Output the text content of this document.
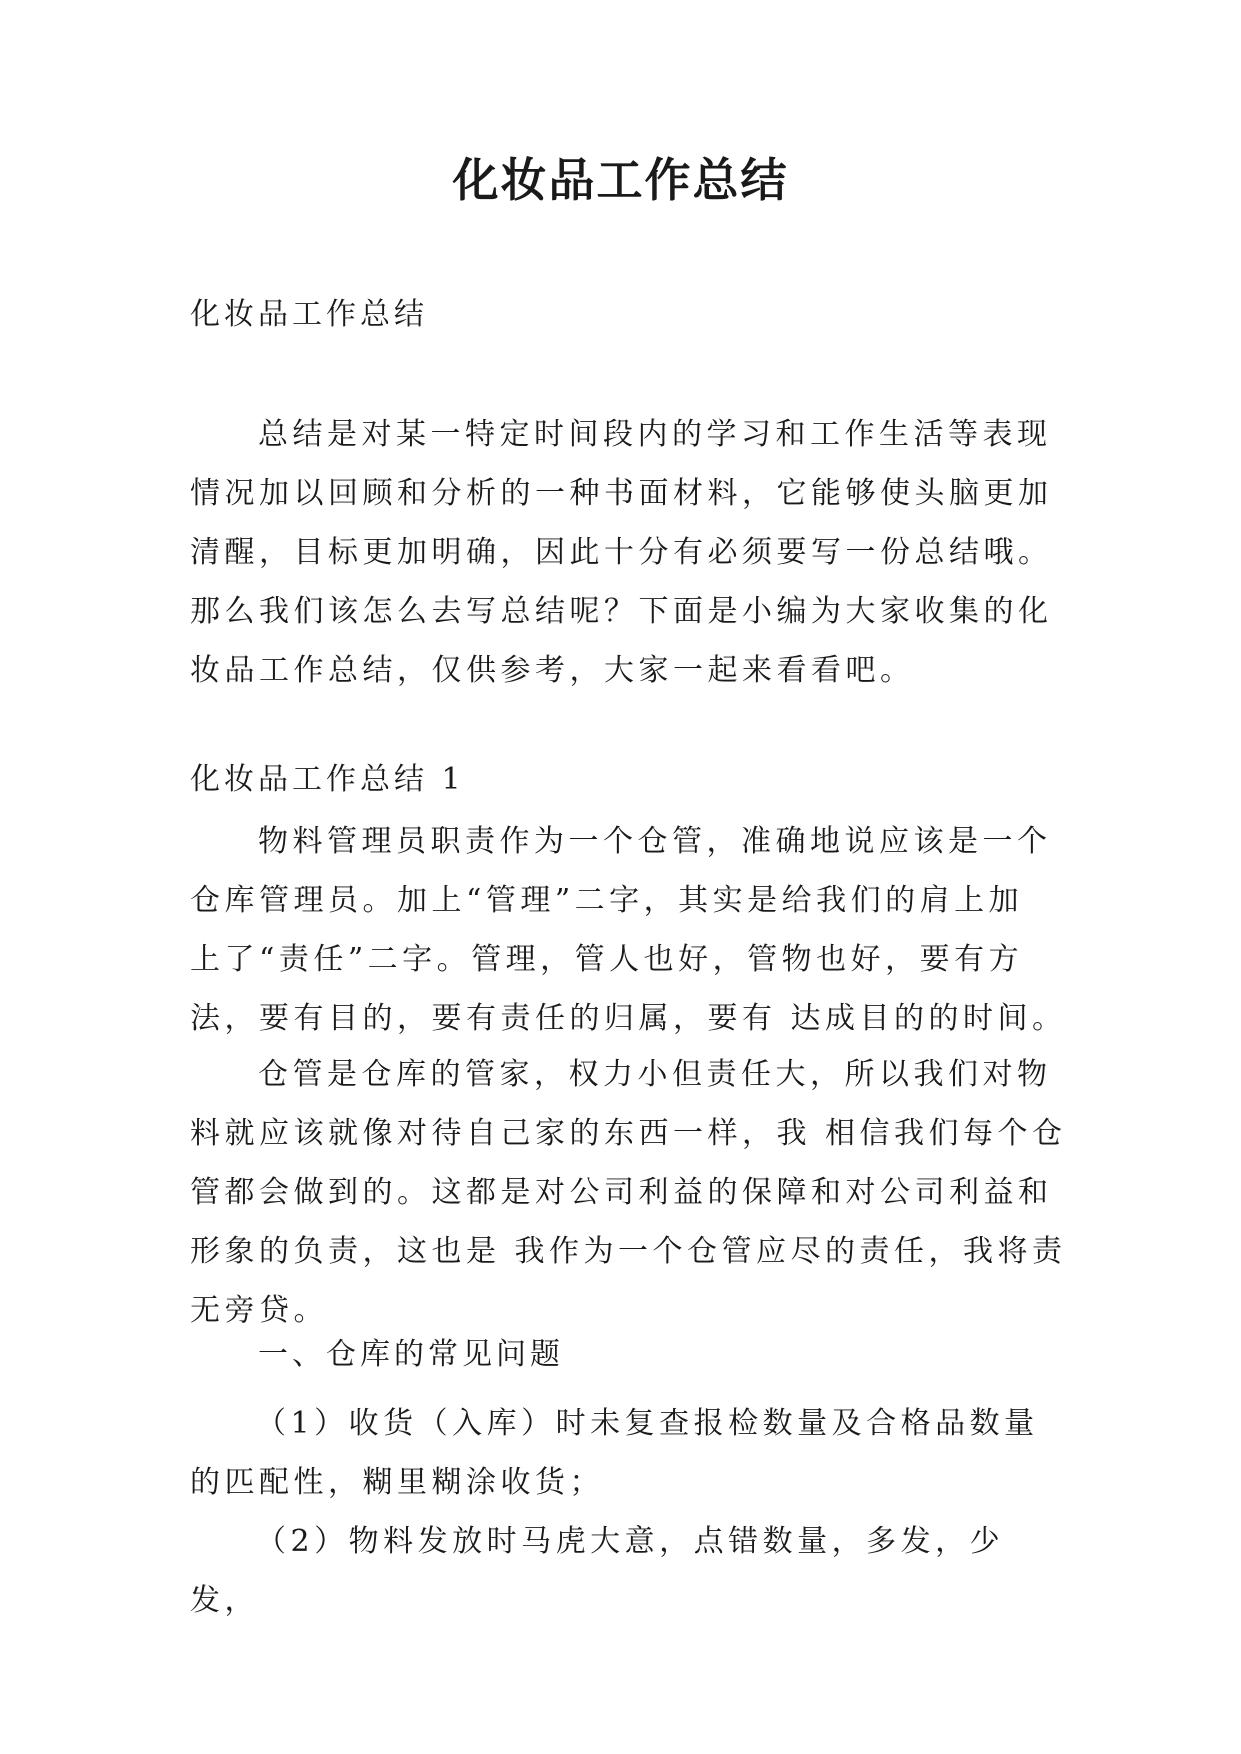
化妆品工作总结
化妆品工作总结

总结是对某一特定时间段内的学习和工作生活等表现情况加以回顾和分析的一种书面材料，它能够使头脑更加清醒，目标更加明确，因此十分有必须要写一份总结哦。那么我们该怎么去写总结呢？下面是小编为大家收集的化妆品工作总结，仅供参考，大家一起来看看吧。

化妆品工作总结 1

物料管理员职责作为一个仓管，准确地说应该是一个仓库管理员。加上“管理”二字，其实是给我们的肩上加 上了“责任”二字。管理，管人也好，管物也好，要有方法，要有目的，要有责任的归属，要有 达成目的的时间。

仓管是仓库的管家，权力小但责任大，所以我们对物料就应该就像对待自己家的东西一样，我 相信我们每个仓管都会做到的。这都是对公司利益的保障和对公司利益和形象的负责，这也是 我作为一个仓管应尽的责任，我将责无旁贷。

一、仓库的常见问题

（1）收货（入库）时未复查报检数量及合格品数量的匹配性，糊里糊涂收货；

（2）物料发放时马虎大意，点错数量，多发，少发，
